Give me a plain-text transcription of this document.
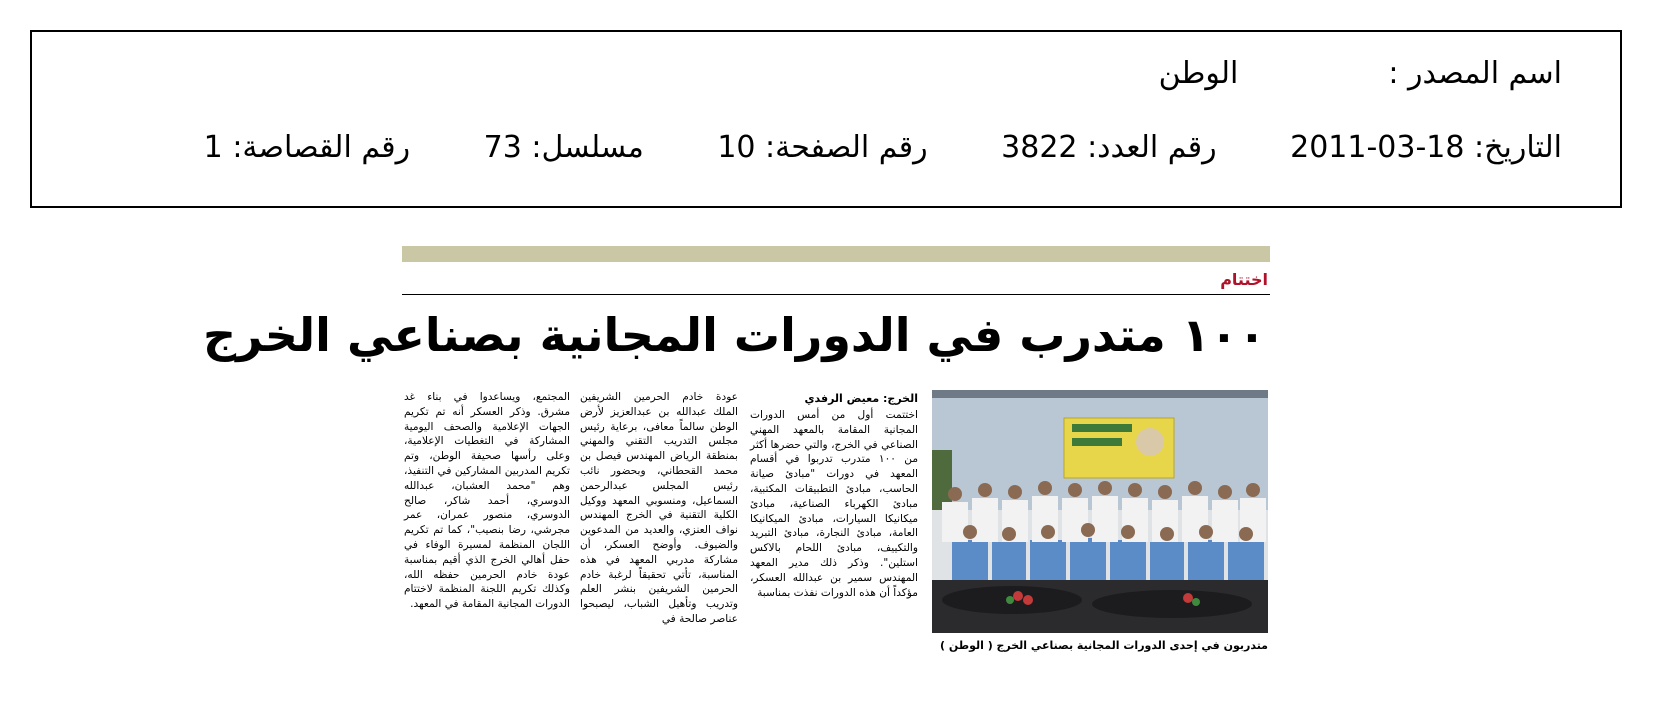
اسم المصدر :الوطن
التاريخ: 2011-03-18 رقم العدد: 3822 رقم الصفحة: 10 مسلسل: 73 رقم القصاصة: 1
اختتام
١٠٠ متدرب في الدورات المجانية بصناعي الخرج
متدربون في إحدى الدورات المجانية بصناعي الخرج
( الوطن )
الخرج: معيض الرفدي

اختتمت أول من أمس الدورات المجانية المقامة بالمعهد المهني الصناعي في الخرج، والتي حضرها أكثر من ١٠٠ متدرب تدربوا في أقسام المعهد في دورات "مبادئ صيانة الحاسب، مبادئ التطبيقات المكتبية، مبادئ الكهرباء الصناعية، مبادئ ميكانيكا السيارات، مبادئ الميكانيكا العامة، مبادئ النجارة، مبادئ التبريد والتكييف، مبادئ اللحام بالاكس استلين". وذكر ذلك مدير المعهد المهندس سمير بن عبدالله العسكر، مؤكداً أن هذه الدورات نفذت بمناسبة

عودة خادم الحرمين الشريفين الملك عبدالله بن عبدالعزيز لأرض الوطن سالماً معافى، برعاية رئيس مجلس التدريب التقني والمهني بمنطقة الرياض المهندس فيصل بن محمد القحطاني، وبحضور نائب رئيس المجلس عبدالرحمن السماعيل، ومنسوبي المعهد ووكيل الكلية التقنية في الخرج المهندس نواف العنزي، والعديد من المدعوين والضيوف. وأوضح العسكر، أن مشاركة مدربي المعهد في هذه المناسبة، تأتي تحقيقاً لرغبة خادم الحرمين الشريفين بنشر العلم وتدريب وتأهيل الشباب، ليصبحوا عناصر صالحة في

المجتمع، ويساعدوا في بناء غد مشرق. وذكر العسكر أنه تم تكريم الجهات الإعلامية والصحف اليومية المشاركة في التغطيات الإعلامية، وعلى رأسها صحيفة الوطن، وتم تكريم المدربين المشاركين في التنفيذ، وهم "محمد العشبان، عبدالله الدوسري، أحمد شاكر، صالح الدوسري، منصور عمران، عمر مجرشي، رضا بنصيب"، كما تم تكريم اللجان المنظمة لمسيرة الوفاء في حفل أهالي الخرج الذي أقيم بمناسبة عودة خادم الحرمين حفظه الله، وكذلك تكريم اللجنة المنظمة لاختتام الدورات المجانية المقامة في المعهد.
